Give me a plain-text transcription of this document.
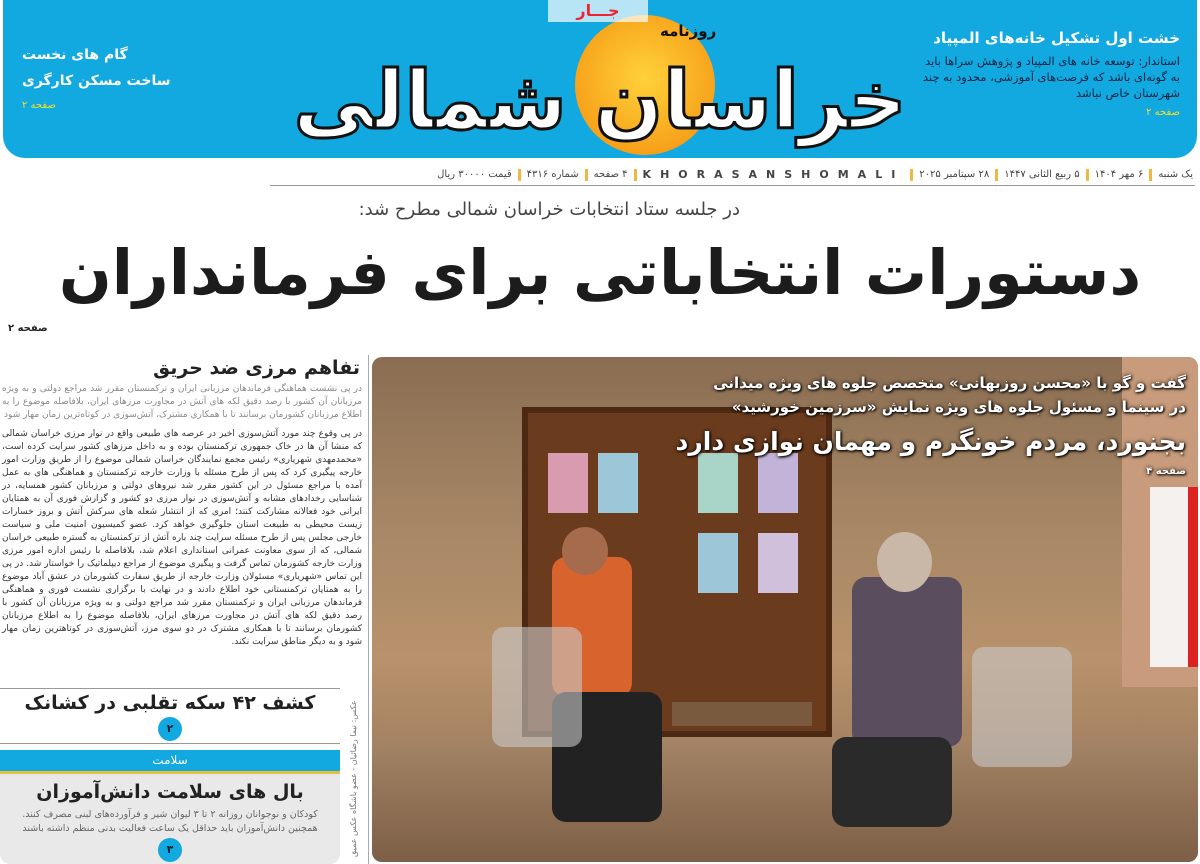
خراسان شمالی
روزنامه
جـــار
خشت اول تشکیل خانه‌های المپیاد

استاندار: توسعه خانه های المپیاد و پژوهش سراها باید به گونه‌ای باشد که فرصت‌های آموزشی، محدود به چند شهرستان خاص نباشد

صفحه ۲
گام های نخست
ساخت مسکن کارگری
صفحه ۲
یک شنبه
۶ مهر ۱۴۰۴
۵ ربیع الثانی ۱۴۴۷
۲۸ سپتامبر ۲۰۲۵
KHORASANSHOMALI
۴ صفحه
شماره ۴۳۱۶
قیمت ۳۰۰۰۰ ریال
در جلسه ستاد انتخابات خراسان شمالی مطرح شد:
دستورات انتخاباتی برای فرمانداران
صفحه ۲
تفاهم مرزی ضد حریق
در پی نشست هماهنگی فرماندهان مرزبانی ایران و ترکمنستان مقرر شد مراجع دولتی و به ویژه مرزبانان آن کشور با رصد دقیق لکه های آتش در مجاورت مرزهای ایران، بلافاصله موضوع را به اطلاع مرزبانان کشورمان برسانند تا با همکاری مشترک، آتش‌سوزی در کوتاه‌ترین زمان مهار شود
در پی وقوع چند مورد آتش‌سوزی اخیر در عرصه های طبیعی واقع در نوار مرزی خراسان شمالی که منشا آن ها در خاک جمهوری ترکمنستان بوده و به داخل مرزهای کشور سرایت کرده است، «محمدمهدی شهریاری» رئیس مجمع نمایندگان خراسان شمالی موضوع را از طریق وزارت امور خارجه پیگیری کرد که پس از طرح مسئله با وزارت خارجه ترکمنستان و هماهنگی های به عمل آمده با مراجع مسئول در این کشور مقرر شد نیروهای دولتی و مرزبانان کشور همسایه، در شناسایی رخدادهای مشابه و آتش‌سوزی در نوار مرزی دو کشور و گزارش فوری آن به همتایان ایرانی خود فعالانه مشارکت کنند؛ امری که از انتشار شعله های سرکش آتش و بروز خسارات زیست محیطی به طبیعت استان جلوگیری خواهد کرد. عضو کمیسیون امنیت ملی و سیاست خارجی مجلس پس از طرح مسئله سرایت چند باره آتش از ترکمنستان به گستره طبیعی خراسان شمالی، که از سوی معاونت عمرانی استانداری اعلام شد، بلافاصله با رئیس اداره امور مرزی وزارت خارجه کشورمان تماس گرفت و پیگیری موضوع از مراجع دیپلماتیک را خواستار شد. در پی این تماس «شهریاری» مسئولان وزارت خارجه از طریق سفارت کشورمان در عشق آباد موضوع را به همتایان ترکمنستانی خود اطلاع دادند و در نهایت با برگزاری نشست فوری و هماهنگی فرماندهان مرزبانی ایران و ترکمنستان مقرر شد مراجع دولتی و به ویژه مرزبانان آن کشور با رصد دقیق لکه های آتش در مجاورت مرزهای ایران، بلافاصله موضوع را به اطلاع مرزبانان کشورمان برسانند تا با همکاری مشترک در دو سوی مرز، آتش‌سوزی در کوتاهترین زمان مهار شود و به دیگر مناطق سرایت نکند.
کشف ۴۲ سکه تقلبی در کشانک
۲
سلامت
بال های سلامت دانش‌آموزان
کودکان و نوجوانان روزانه ۲ تا ۳ لیوان شیر و فرآورده‌های لبنی مصرف کنند.
همچنین دانش‌آموزان باید حداقل یک ساعت فعالیت بدنی منظم داشته باشند
۳	عکس: نیما رضائیان - عضو باشگاه عکس عمیق
گفت و گو با «محسن روزبهانی» متخصص جلوه های ویژه میدانی
در سینما و مسئول جلوه های ویژه نمایش «سرزمین خورشید»
بجنورد، مردم خونگرم و مهمان نوازی دارد
صفحه ۴
